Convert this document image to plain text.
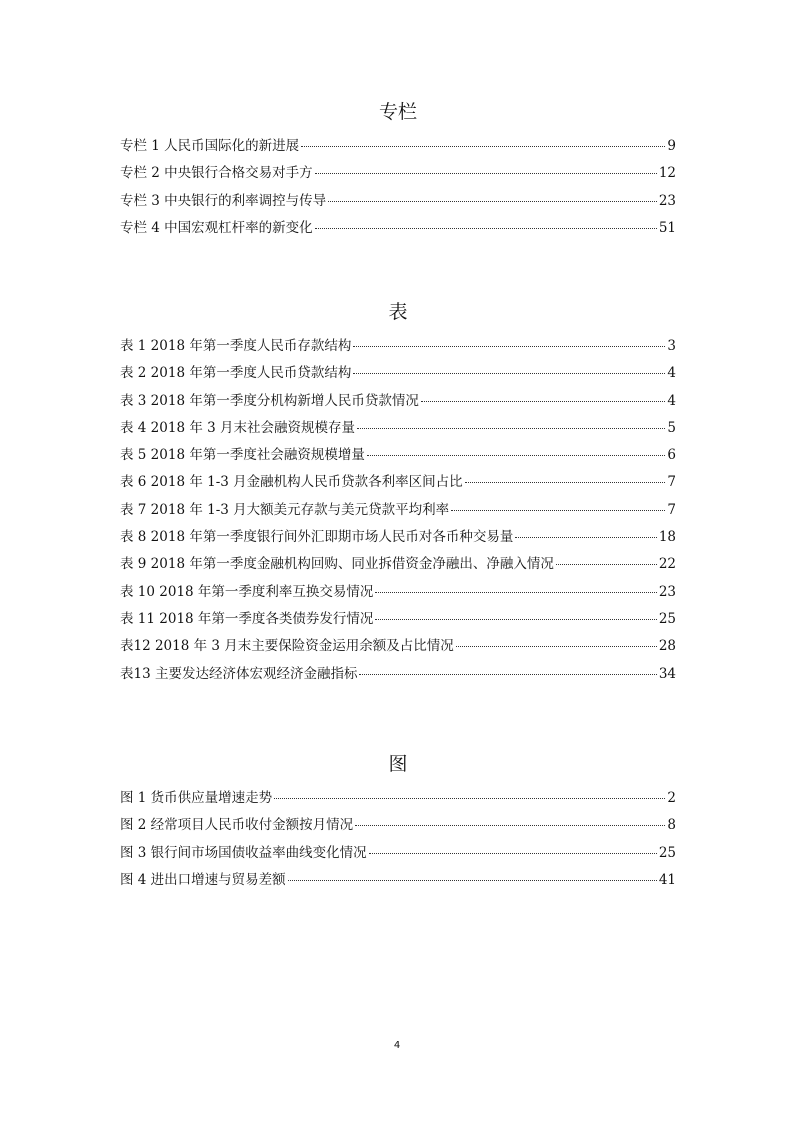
专栏
专栏 1 人民币国际化的新进展	9
专栏 2 中央银行合格交易对手方	12
专栏 3 中央银行的利率调控与传导	23
专栏 4 中国宏观杠杆率的新变化	51
表
表 1 2018 年第一季度人民币存款结构	3
表 2 2018 年第一季度人民币贷款结构	4
表 3 2018 年第一季度分机构新增人民币贷款情况	4
表 4 2018 年 3 月末社会融资规模存量	5
表 5 2018 年第一季度社会融资规模增量	6
表 6 2018 年 1-3 月金融机构人民币贷款各利率区间占比	7
表 7 2018 年 1-3 月大额美元存款与美元贷款平均利率	7
表 8 2018 年第一季度银行间外汇即期市场人民币对各币种交易量	18
表 9 2018 年第一季度金融机构回购、同业拆借资金净融出、净融入情况	22
表 10 2018 年第一季度利率互换交易情况	23
表 11 2018 年第一季度各类债券发行情况	25
表12 2018 年 3 月末主要保险资金运用余额及占比情况	28
表13 主要发达经济体宏观经济金融指标	34
图
图 1 货币供应量增速走势	2
图 2 经常项目人民币收付金额按月情况	8
图 3 银行间市场国债收益率曲线变化情况	25
图 4 进出口增速与贸易差额	41
4
